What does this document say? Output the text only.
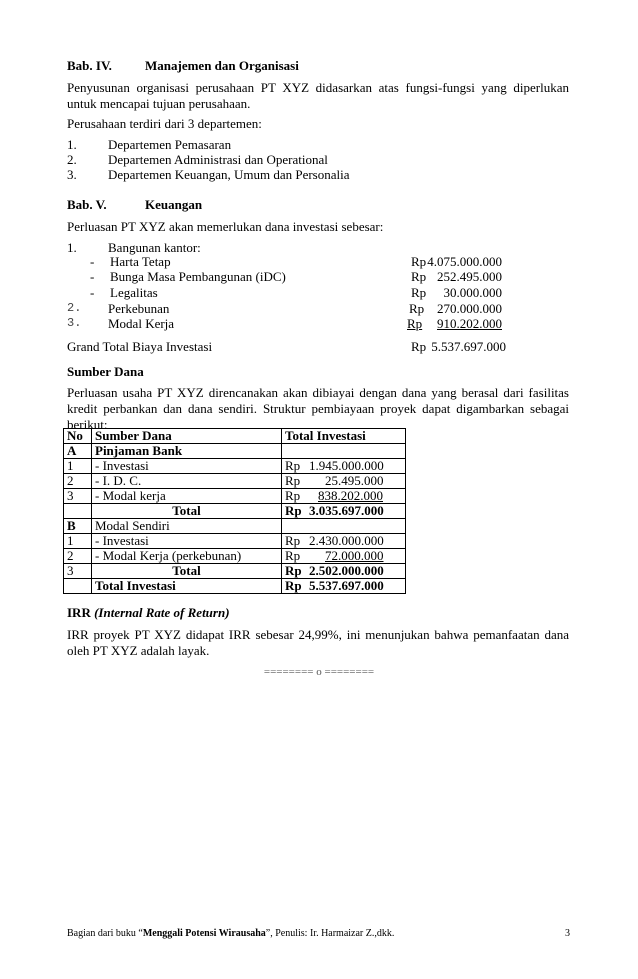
Bab. IV.	Manajemen dan Organisasi
Penyusunan organisasi perusahaan PT XYZ didasarkan atas fungsi-fungsi yang diperlukan untuk mencapai tujuan perusahaan.
Perusahaan terdiri dari 3 departemen:
1. Departemen Pemasaran
2. Departemen Administrasi dan Operational
3. Departemen Keuangan, Umum dan Personalia
Bab. V.	Keuangan
Perluasan PT XYZ akan memerlukan dana investasi sebesar:
1. Bangunan kantor:
- Harta Tetap	Rp 4.075.000.000
- Bunga Masa Pembangunan (iDC)	Rp 252.495.000
- Legalitas	Rp 30.000.000
2. Perkebunan	Rp 270.000.000
3. Modal Kerja	Rp	910.202.000
Grand Total Biaya Investasi	Rp 5.537.697.000
Sumber Dana
Perluasan usaha PT XYZ direncanakan akan dibiayai dengan dana yang berasal dari fasilitas kredit perbankan dan dana sendiri. Struktur pembiayaan proyek dapat digambarkan sebagai berikut:
No	Sumber Dana	Total Investasi
A	Pinjaman Bank	
1	- Investasi	Rp 1.945.000.000
2	- I. D. C.	Rp 25.495.000
3	- Modal kerja	Rp 838.202.000
	Total	Rp 3.035.697.000
B	Modal Sendiri	
1	- Investasi	Rp 2.430.000.000
2	- Modal Kerja (perkebunan)	Rp 72.000.000
3	Total	Rp 2.502.000.000
	Total Investasi	Rp 5.537.697.000
IRR (Internal Rate of Return)
IRR proyek PT XYZ didapat IRR sebesar 24,99%, ini menunjukan bahwa pemanfaatan dana oleh PT XYZ adalah layak.
======== o ========
Bagian dari buku “Menggali Potensi Wirausaha”, Penulis: Ir. Harmaizar Z.,dkk.	3
